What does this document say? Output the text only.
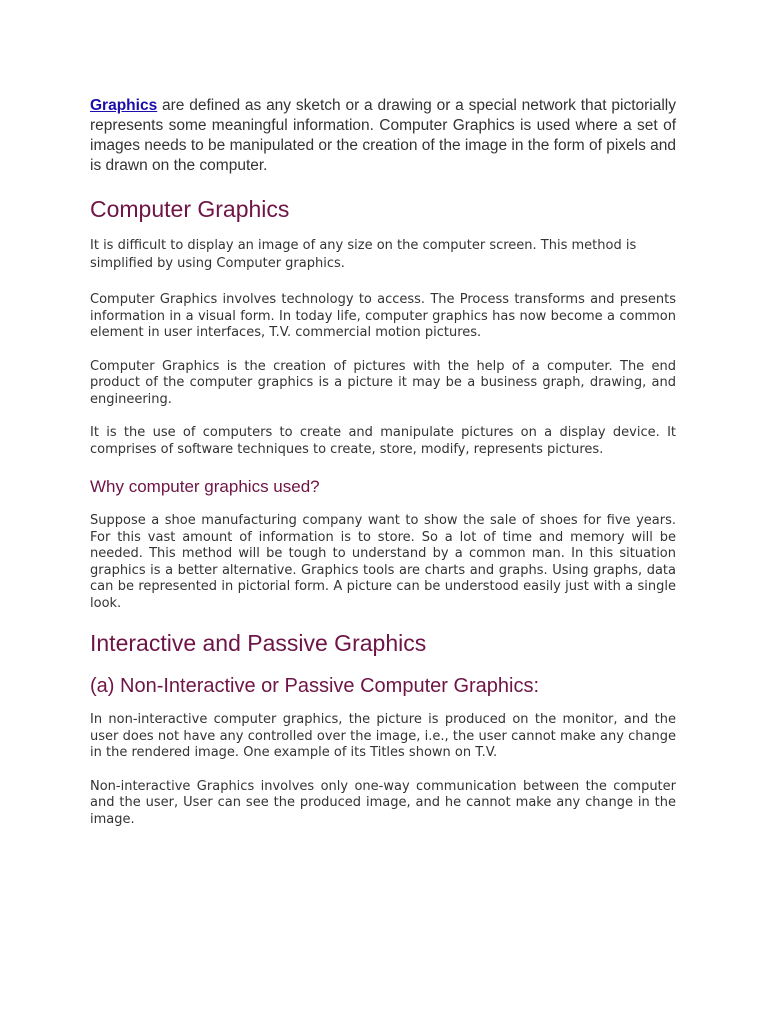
Graphics are defined as any sketch or a drawing or a special network that pictorially represents some meaningful information. Computer Graphics is used where a set of images needs to be manipulated or the creation of the image in the form of pixels and is drawn on the computer.

Computer Graphics

It is difficult to display an image of any size on the computer screen. This method is simplified by using Computer graphics.

Computer Graphics involves technology to access. The Process transforms and presents information in a visual form. In today life, computer graphics has now become a common element in user interfaces, T.V. commercial motion pictures.

Computer Graphics is the creation of pictures with the help of a computer. The end product of the computer graphics is a picture it may be a business graph, drawing, and engineering.

It is the use of computers to create and manipulate pictures on a display device. It comprises of software techniques to create, store, modify, represents pictures.

Why computer graphics used?

Suppose a shoe manufacturing company want to show the sale of shoes for five years. For this vast amount of information is to store. So a lot of time and memory will be needed. This method will be tough to understand by a common man. In this situation graphics is a better alternative. Graphics tools are charts and graphs. Using graphs, data can be represented in pictorial form. A picture can be understood easily just with a single look.

Interactive and Passive Graphics
(a) Non-Interactive or Passive Computer Graphics:

In non-interactive computer graphics, the picture is produced on the monitor, and the user does not have any controlled over the image, i.e., the user cannot make any change in the rendered image. One example of its Titles shown on T.V.

Non-interactive Graphics involves only one-way communication between the computer and the user, User can see the produced image, and he cannot make any change in the image.
